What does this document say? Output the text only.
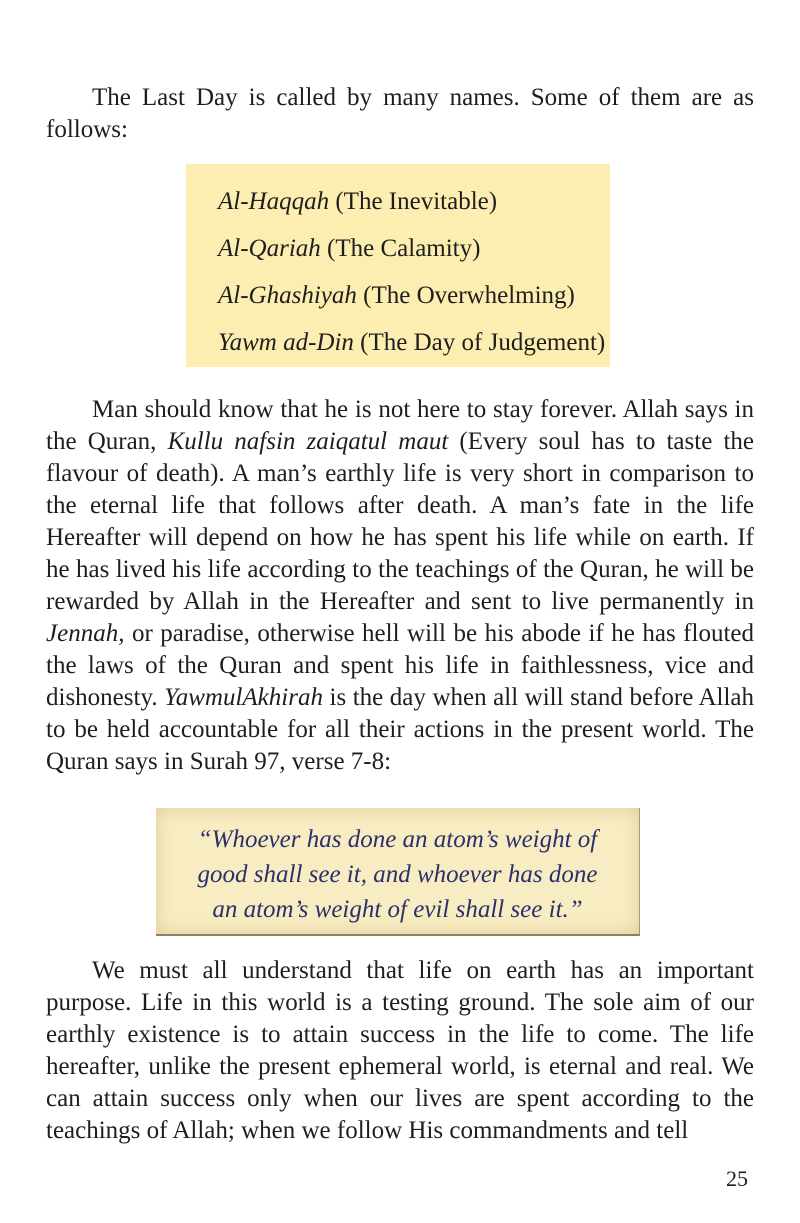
The Last Day is called by many names. Some of them are as follows:

Al-Haqqah (The Inevitable)

Al-Qariah (The Calamity)

Al-Ghashiyah (The Overwhelming)

Yawm ad-Din (The Day of Judgement)

Man should know that he is not here to stay forever. Allah says in the Quran, Kullu nafsin zaiqatul maut (Every soul has to taste the flavour of death). A man’s earthly life is very short in comparison to the eternal life that follows after death. A man’s fate in the life Hereafter will depend on how he has spent his life while on earth. If he has lived his life according to the teachings of the Quran, he will be rewarded by Allah in the Hereafter and sent to live permanently in Jennah, or paradise, otherwise hell will be his abode if he has flouted the laws of the Quran and spent his life in faithlessness, vice and dishonesty. YawmulAkhirah is the day when all will stand before Allah to be held accountable for all their actions in the present world. The Quran says in Surah 97, verse 7-8:

“Whoever has done an atom’s weight of

good shall see it, and whoever has done

an atom’s weight of evil shall see it.”

We must all understand that life on earth has an important purpose. Life in this world is a testing ground. The sole aim of our earthly existence is to attain success in the life to come. The life hereafter, unlike the present ephemeral world, is eternal and real. We can attain success only when our lives are spent according to the teachings of Allah; when we follow His commandments and tell

25
